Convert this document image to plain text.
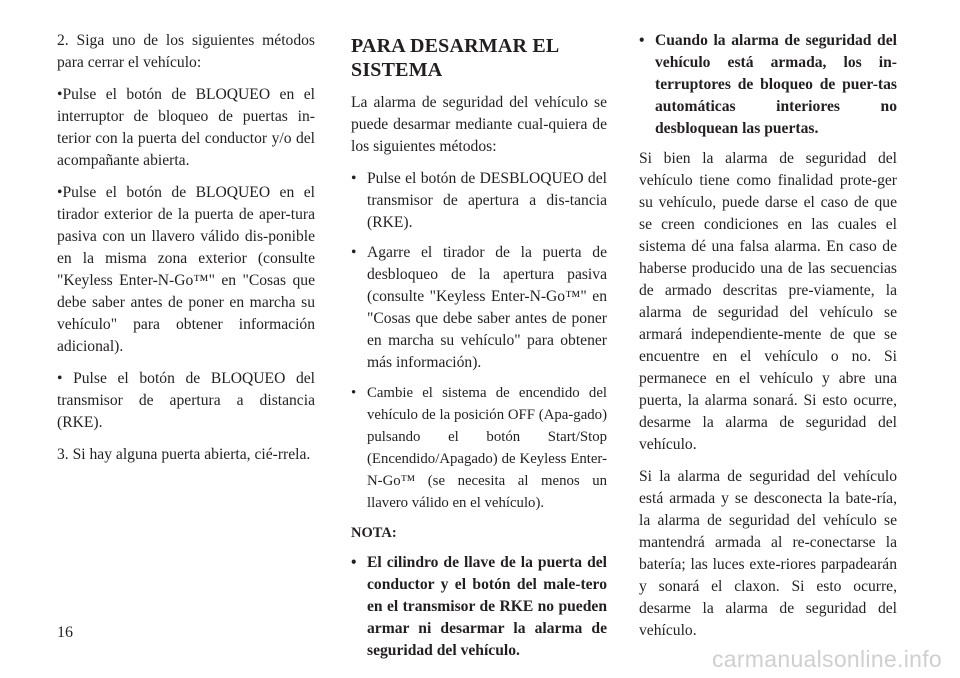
2. Siga uno de los siguientes métodos para cerrar el vehículo:

•Pulse el botón de BLOQUEO en el interruptor de bloqueo de puertas in-terior con la puerta del conductor y/o del acompañante abierta.

•Pulse el botón de BLOQUEO en el tirador exterior de la puerta de aper-tura pasiva con un llavero válido dis-ponible en la misma zona exterior (consulte "Keyless Enter-N-Go™" en "Cosas que debe saber antes de poner en marcha su vehículo" para obtener información adicional).

• Pulse el botón de BLOQUEO del transmisor de apertura a distancia (RKE).

3. Si hay alguna puerta abierta, cié-rrela.

PARA DESARMAR EL SISTEMA

La alarma de seguridad del vehículo se puede desarmar mediante cual-quiera de los siguientes métodos:

• Pulse el botón de DESBLOQUEO del transmisor de apertura a dis-tancia (RKE).
• Agarre el tirador de la puerta de desbloqueo de la apertura pasiva (consulte "Keyless Enter-N-Go™" en "Cosas que debe saber antes de poner en marcha su vehículo" para obtener más información).
• Cambie el sistema de encendido del vehículo de la posición OFF (Apa-gado) pulsando el botón Start/Stop (Encendido/Apagado) de Keyless Enter-N-Go™ (se necesita al menos un llavero válido en el vehículo).
NOTA:
• El cilindro de llave de la puerta del conductor y el botón del male-tero en el transmisor de RKE no pueden armar ni desarmar la alarma de seguridad del vehículo.
• Cuando la alarma de seguridad del vehículo está armada, los in-terruptores de bloqueo de puer-tas automáticas interiores no desbloquean las puertas.

Si bien la alarma de seguridad del vehículo tiene como finalidad prote-ger su vehículo, puede darse el caso de que se creen condiciones en las cuales el sistema dé una falsa alarma. En caso de haberse producido una de las secuencias de armado descritas pre-viamente, la alarma de seguridad del vehículo se armará independiente-mente de que se encuentre en el vehículo o no. Si permanece en el vehículo y abre una puerta, la alarma sonará. Si esto ocurre, desarme la alarma de seguridad del vehículo.

Si la alarma de seguridad del vehículo está armada y se desconecta la bate-ría, la alarma de seguridad del vehículo se mantendrá armada al re-conectarse la batería; las luces exte-riores parpadearán y sonará el claxon. Si esto ocurre, desarme la alarma de seguridad del vehículo.

16
carmanualsonline.info
